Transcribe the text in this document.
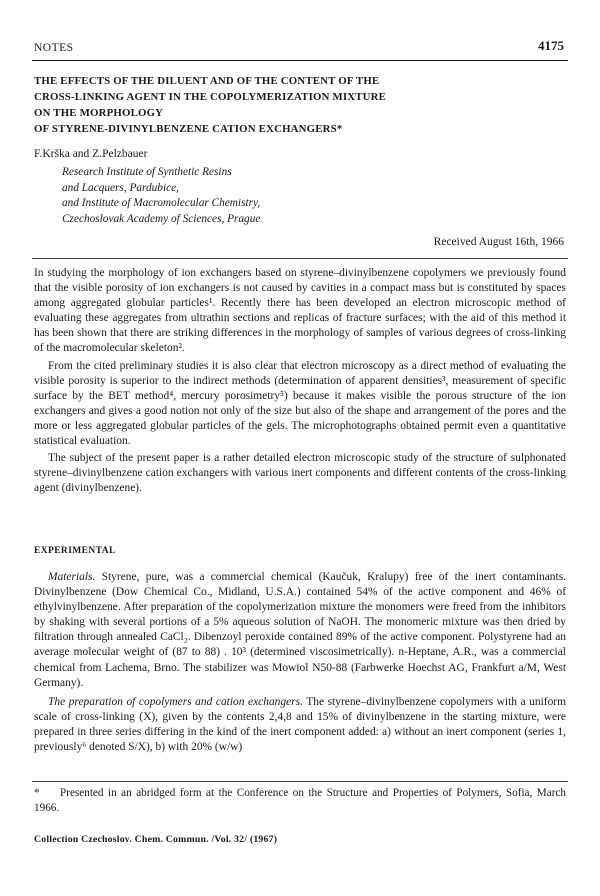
NOTES	4175
THE EFFECTS OF THE DILUENT AND OF THE CONTENT OF THE
CROSS-LINKING AGENT IN THE COPOLYMERIZATION MIXTURE
ON THE MORPHOLOGY
OF STYRENE-DIVINYLBENZENE CATION EXCHANGERS*
F.Krška and Z.Pelzbauer
Research Institute of Synthetic Resins
and Lacquers, Pardubice,
and Institute of Macromolecular Chemistry,
Czechoslovak Academy of Sciences, Prague
Received August 16th, 1966

In studying the morphology of ion exchangers based on styrene–divinylbenzene copolymers we previously found that the visible porosity of ion exchangers is not caused by cavities in a compact mass but is constituted by spaces among aggregated globular particles¹. Recently there has been developed an electron microscopic method of evaluating these aggregates from ultrathin sections and replicas of fracture surfaces; with the aid of this method it has been shown that there are striking differences in the morphology of samples of various degrees of cross-linking of the macromolecular skeleton².

From the cited preliminary studies it is also clear that electron microscopy as a direct method of evaluating the visible porosity is superior to the indirect methods (determination of apparent densities³, measurement of specific surface by the BET method⁴, mercury porosimetry⁵) because it makes visible the porous structure of the ion exchangers and gives a good notion not only of the size but also of the shape and arrangement of the pores and the more or less aggregated globular particles of the gels. The microphotographs obtained permit even a quantitative statistical evaluation.

The subject of the present paper is a rather detailed electron microscopic study of the structure of sulphonated styrene–divinylbenzene cation exchangers with various inert components and different contents of the cross-linking agent (divinylbenzene).

EXPERIMENTAL

Materials. Styrene, pure, was a commercial chemical (Kaučuk, Kralupy) free of the inert contaminants. Divinylbenzene (Dow Chemical Co., Midland, U.S.A.) contained 54% of the active component and 46% of ethylvinylbenzene. After preparation of the copolymerization mixture the monomers were freed from the inhibitors by shaking with several portions of a 5% aqueous solution of NaOH. The monomeric mixture was then dried by filtration through annealed CaCl₂. Dibenzoyl peroxide contained 89% of the active component. Polystyrene had an average molecular weight of (87 to 88) . 10³ (determined viscosimetrically). n-Heptane, A.R., was a commercial chemical from Lachema, Brno. The stabilizer was Mowiol N50-88 (Farbwerke Hoechst AG, Frankfurt a/M, West Germany).

The preparation of copolymers and cation exchangers. The styrene–divinylbenzene copolymers with a uniform scale of cross-linking (X), given by the contents 2,4,8 and 15% of divinylbenzene in the starting mixture, were prepared in three series differing in the kind of the inert component added: a) without an inert component (series 1, previously⁶ denoted S/X), b) with 20% (w/w)

* Presented in an abridged form at the Conference on the Structure and Properties of Polymers, Sofia, March 1966.
Collection Czechoslov. Chem. Commun. /Vol. 32/ (1967)
